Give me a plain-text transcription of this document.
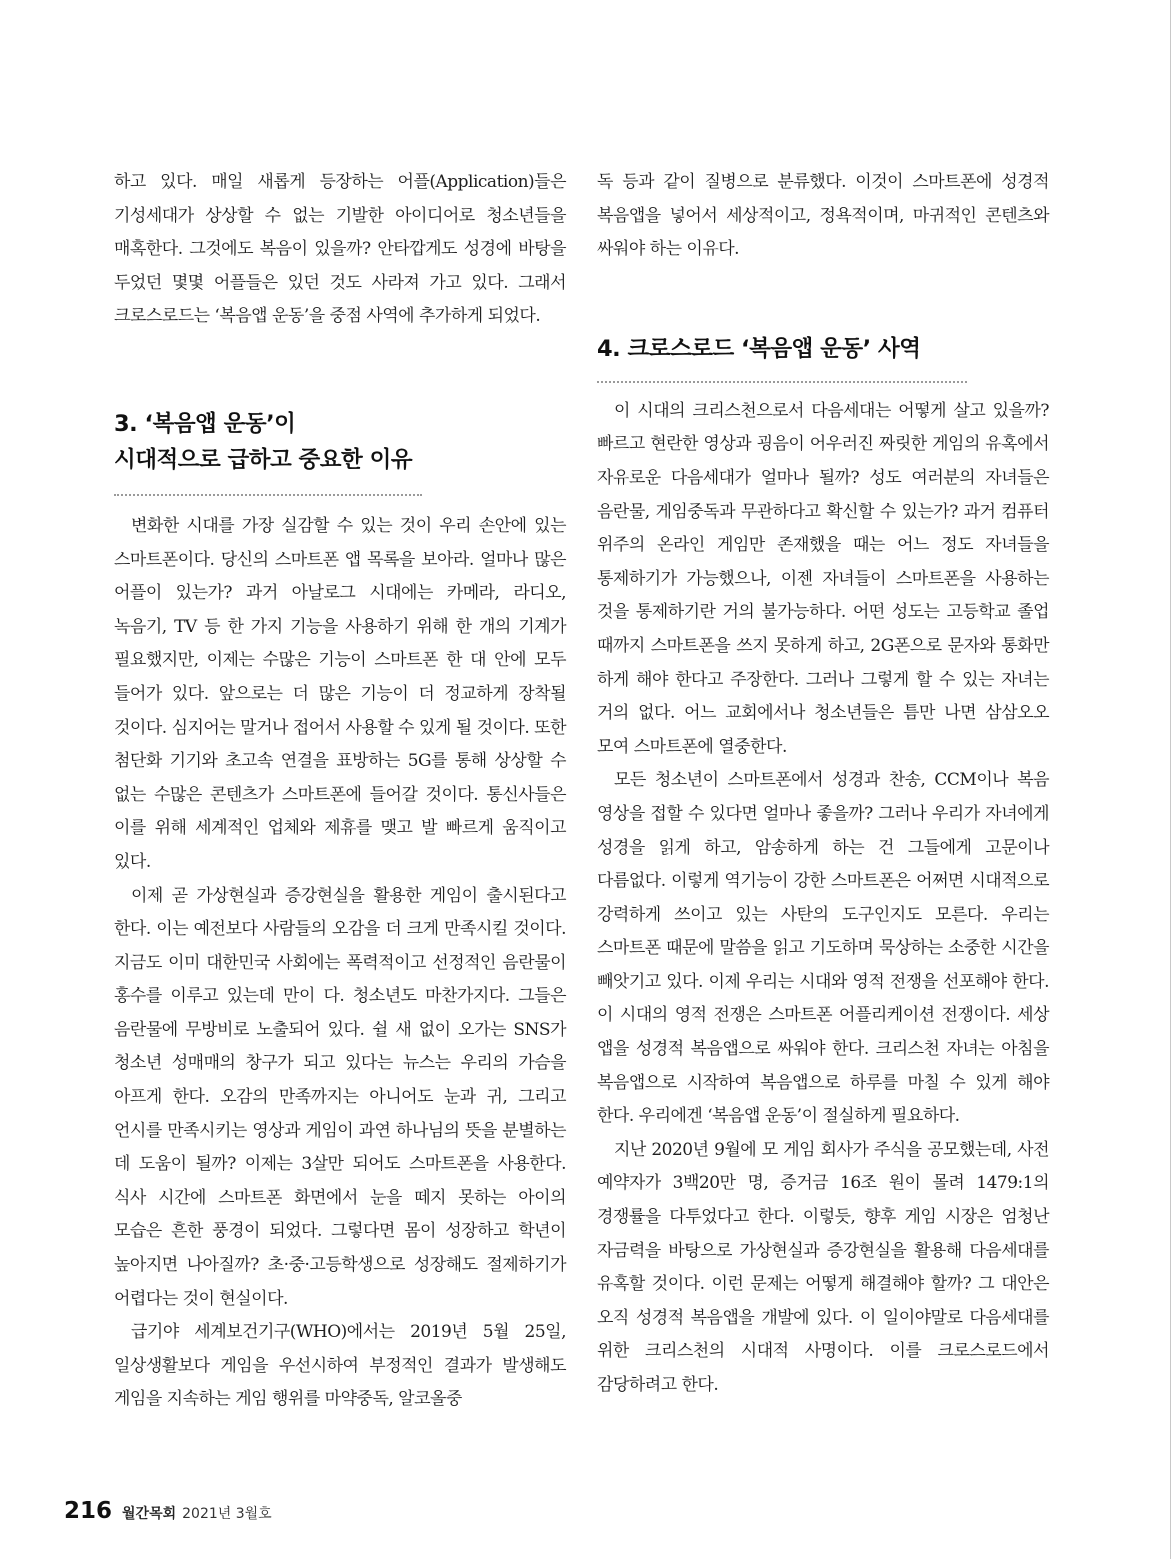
하고 있다. 매일 새롭게 등장하는 어플(Application)들은 기성세대가 상상할 수 없는 기발한 아이디어로 청소년들을 매혹한다. 그것에도 복음이 있을까? 안타깝게도 성경에 바탕을 두었던 몇몇 어플들은 있던 것도 사라져 가고 있다. 그래서 크로스로드는 ‘복음앱 운동’을 중점 사역에 추가하게 되었다.

3. ‘복음앱 운동’이
시대적으로 급하고 중요한 이유

변화한 시대를 가장 실감할 수 있는 것이 우리 손안에 있는 스마트폰이다. 당신의 스마트폰 앱 목록을 보아라. 얼마나 많은 어플이 있는가? 과거 아날로그 시대에는 카메라, 라디오, 녹음기, TV 등 한 가지 기능을 사용하기 위해 한 개의 기계가 필요했지만, 이제는 수많은 기능이 스마트폰 한 대 안에 모두 들어가 있다. 앞으로는 더 많은 기능이 더 정교하게 장착될 것이다. 심지어는 말거나 접어서 사용할 수 있게 될 것이다. 또한 첨단화 기기와 초고속 연결을 표방하는 5G를 통해 상상할 수 없는 수많은 콘텐츠가 스마트폰에 들어갈 것이다. 통신사들은 이를 위해 세계적인 업체와 제휴를 맺고 발 빠르게 움직이고 있다.

이제 곧 가상현실과 증강현실을 활용한 게임이 출시된다고 한다. 이는 예전보다 사람들의 오감을 더 크게 만족시킬 것이다. 지금도 이미 대한민국 사회에는 폭력적이고 선정적인 음란물이 홍수를 이루고 있는데 만이 다. 청소년도 마찬가지다. 그들은 음란물에 무방비로 노출되어 있다. 쉴 새 없이 오가는 SNS가 청소년 성매매의 창구가 되고 있다는 뉴스는 우리의 가슴을 아프게 한다. 오감의 만족까지는 아니어도 눈과 귀, 그리고 언시를 만족시키는 영상과 게임이 과연 하나님의 뜻을 분별하는 데 도움이 될까? 이제는 3살만 되어도 스마트폰을 사용한다. 식사 시간에 스마트폰 화면에서 눈을 떼지 못하는 아이의 모습은 흔한 풍경이 되었다. 그렇다면 몸이 성장하고 학년이 높아지면 나아질까? 초·중·고등학생으로 성장해도 절제하기가 어렵다는 것이 현실이다.

급기야 세계보건기구(WHO)에서는 2019년 5월 25일, 일상생활보다 게임을 우선시하여 부정적인 결과가 발생해도 게임을 지속하는 게임 행위를 마약중독, 알코올중

독 등과 같이 질병으로 분류했다. 이것이 스마트폰에 성경적 복음앱을 넣어서 세상적이고, 정욕적이며, 마귀적인 콘텐츠와 싸워야 하는 이유다.

4. 크로스로드 ‘복음앱 운동’ 사역

이 시대의 크리스천으로서 다음세대는 어떻게 살고 있을까? 빠르고 현란한 영상과 굉음이 어우러진 짜릿한 게임의 유혹에서 자유로운 다음세대가 얼마나 될까? 성도 여러분의 자녀들은 음란물, 게임중독과 무관하다고 확신할 수 있는가? 과거 컴퓨터 위주의 온라인 게임만 존재했을 때는 어느 정도 자녀들을 통제하기가 가능했으나, 이젠 자녀들이 스마트폰을 사용하는 것을 통제하기란 거의 불가능하다. 어떤 성도는 고등학교 졸업 때까지 스마트폰을 쓰지 못하게 하고, 2G폰으로 문자와 통화만 하게 해야 한다고 주장한다. 그러나 그렇게 할 수 있는 자녀는 거의 없다. 어느 교회에서나 청소년들은 틈만 나면 삼삼오오 모여 스마트폰에 열중한다.

모든 청소년이 스마트폰에서 성경과 찬송, CCM이나 복음 영상을 접할 수 있다면 얼마나 좋을까? 그러나 우리가 자녀에게 성경을 읽게 하고, 암송하게 하는 건 그들에게 고문이나 다름없다. 이렇게 역기능이 강한 스마트폰은 어쩌면 시대적으로 강력하게 쓰이고 있는 사탄의 도구인지도 모른다. 우리는 스마트폰 때문에 말씀을 읽고 기도하며 묵상하는 소중한 시간을 빼앗기고 있다. 이제 우리는 시대와 영적 전쟁을 선포해야 한다. 이 시대의 영적 전쟁은 스마트폰 어플리케이션 전쟁이다. 세상 앱을 성경적 복음앱으로 싸워야 한다. 크리스천 자녀는 아침을 복음앱으로 시작하여 복음앱으로 하루를 마칠 수 있게 해야 한다. 우리에겐 ‘복음앱 운동’이 절실하게 필요하다.

지난 2020년 9월에 모 게임 회사가 주식을 공모했는데, 사전 예약자가 3백20만 명, 증거금 16조 원이 몰려 1479:1의 경쟁률을 다투었다고 한다. 이렇듯, 향후 게임 시장은 엄청난 자금력을 바탕으로 가상현실과 증강현실을 활용해 다음세대를 유혹할 것이다. 이런 문제는 어떻게 해결해야 할까? 그 대안은 오직 성경적 복음앱을 개발에 있다. 이 일이야말로 다음세대를 위한 크리스천의 시대적 사명이다. 이를 크로스로드에서 감당하려고 한다.

216 월간목회 2021년 3월호
